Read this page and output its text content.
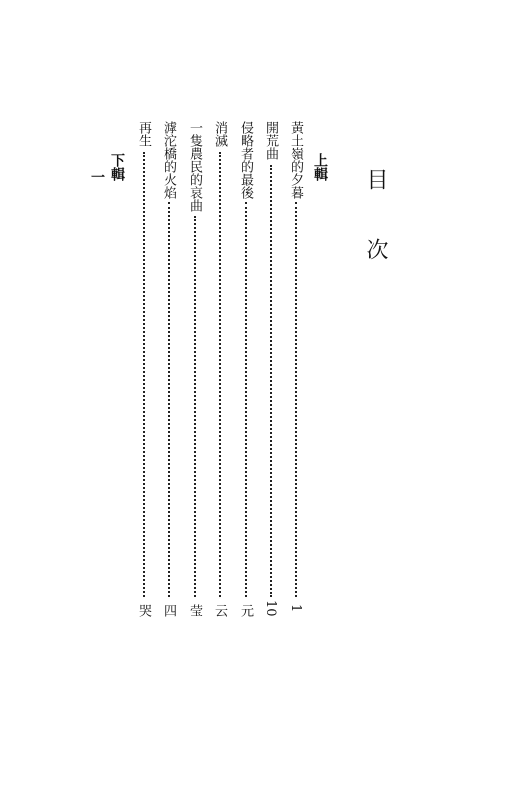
目
次
上輯
黃土嶺的夕暮
1
開荒曲
10
侵略者的最後
元
消滅
云
一隻農民的哀曲
莹
滹沱橋的火焰
四
再生
哭
下輯
一
